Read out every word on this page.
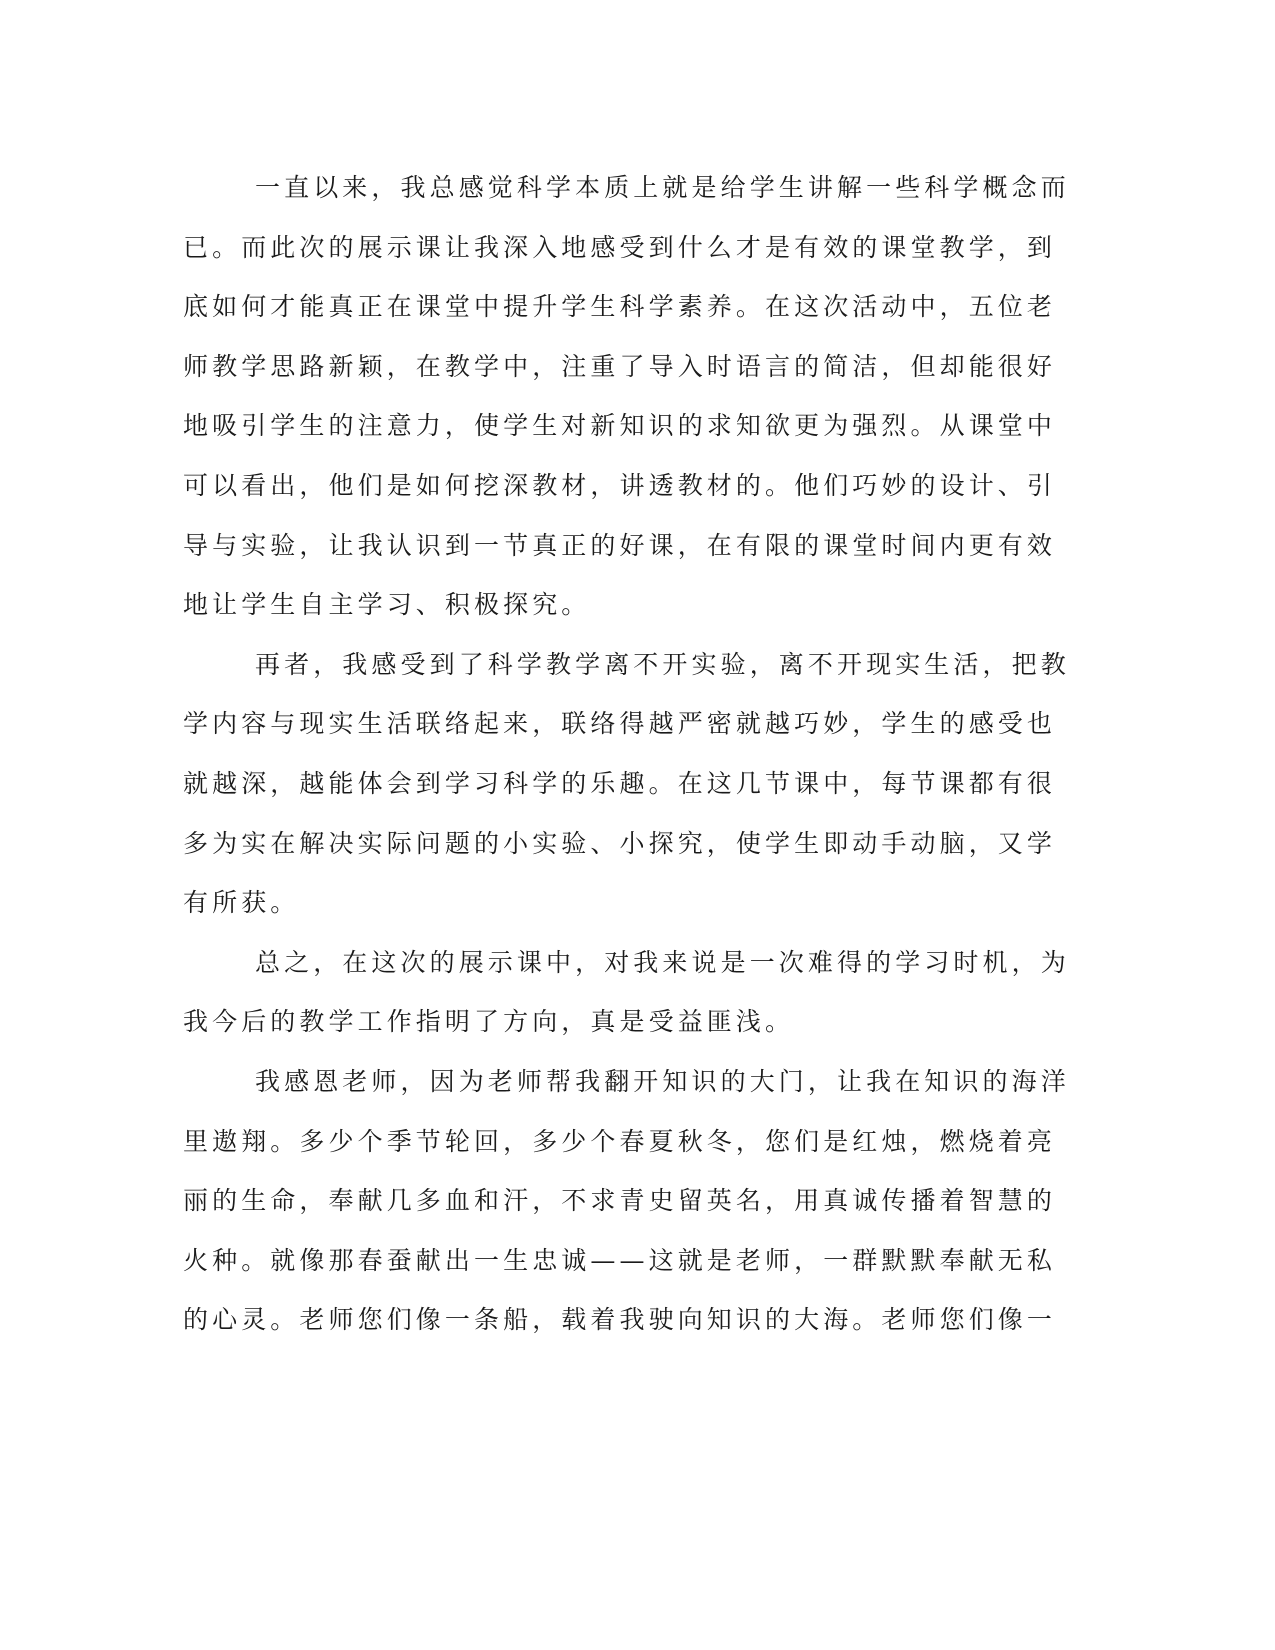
一直以来，我总感觉科学本质上就是给学生讲解一些科学概念而
已。而此次的展示课让我深入地感受到什么才是有效的课堂教学，到
底如何才能真正在课堂中提升学生科学素养。在这次活动中，五位老
师教学思路新颖，在教学中，注重了导入时语言的简洁，但却能很好
地吸引学生的注意力，使学生对新知识的求知欲更为强烈。从课堂中
可以看出，他们是如何挖深教材，讲透教材的。他们巧妙的设计、引
导与实验，让我认识到一节真正的好课，在有限的课堂时间内更有效
地让学生自主学习、积极探究。
再者，我感受到了科学教学离不开实验，离不开现实生活，把教
学内容与现实生活联络起来，联络得越严密就越巧妙，学生的感受也
就越深，越能体会到学习科学的乐趣。在这几节课中，每节课都有很
多为实在解决实际问题的小实验、小探究，使学生即动手动脑，又学
有所获。
总之，在这次的展示课中，对我来说是一次难得的学习时机，为
我今后的教学工作指明了方向，真是受益匪浅。
我感恩老师，因为老师帮我翻开知识的大门，让我在知识的海洋
里遨翔。多少个季节轮回，多少个春夏秋冬，您们是红烛，燃烧着亮
丽的生命，奉献几多血和汗，不求青史留英名，用真诚传播着智慧的
火种。就像那春蚕献出一生忠诚——这就是老师，一群默默奉献无私
的心灵。老师您们像一条船，载着我驶向知识的大海。老师您们像一
